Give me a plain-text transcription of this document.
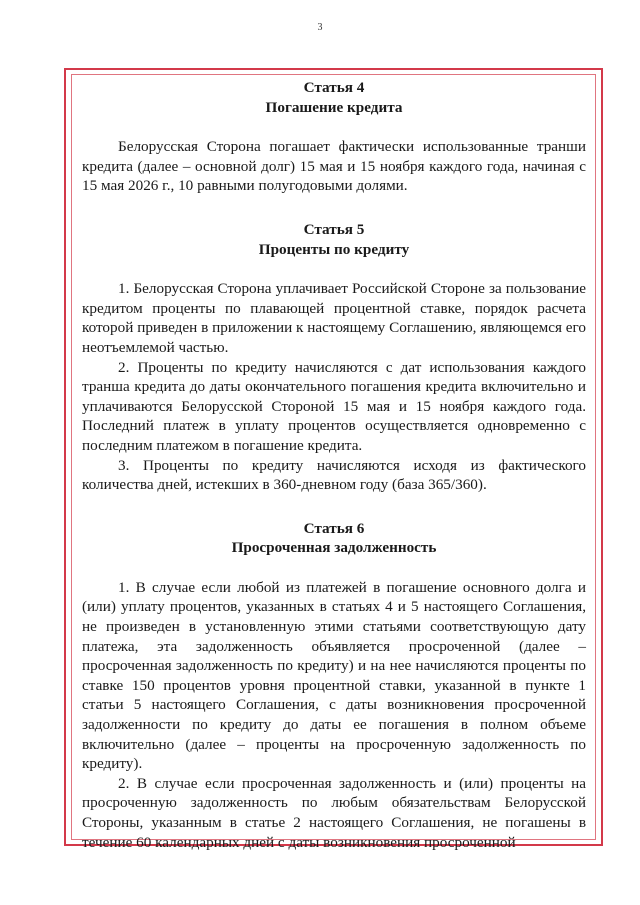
3

Статья 4

Погашение кредита

Белорусская Сторона погашает фактически использованные транши кредита (далее – основной долг) 15 мая и 15 ноября каждого года, начиная с 15 мая 2026 г., 10 равными полугодовыми долями.

Статья 5

Проценты по кредиту

1. Белорусская Сторона уплачивает Российской Стороне за пользование кредитом проценты по плавающей процентной ставке, порядок расчета которой приведен в приложении к настоящему Соглашению, являющемся его неотъемлемой частью.

2. Проценты по кредиту начисляются с дат использования каждого транша кредита до даты окончательного погашения кредита включительно и уплачиваются Белорусской Стороной 15 мая и 15 ноября каждого года. Последний платеж в уплату процентов осуществляется одновременно с последним платежом в погашение кредита.

3. Проценты по кредиту начисляются исходя из фактического количества дней, истекших в 360-дневном году (база 365/360).

Статья 6

Просроченная задолженность

1. В случае если любой из платежей в погашение основного долга и (или) уплату процентов, указанных в статьях 4 и 5 настоящего Соглашения, не произведен в установленную этими статьями соответствующую дату платежа, эта задолженность объявляется просроченной (далее – просроченная задолженность по кредиту) и на нее начисляются проценты по ставке 150 процентов уровня процентной ставки, указанной в пункте 1 статьи 5 настоящего Соглашения, с даты возникновения просроченной задолженности по кредиту до даты ее погашения в полном объеме включительно (далее – проценты на просроченную задолженность по кредиту).

2. В случае если просроченная задолженность и (или) проценты на просроченную задолженность по любым обязательствам Белорусской Стороны, указанным в статье 2 настоящего Соглашения, не погашены в течение 60 календарных дней с даты возникновения просроченной
